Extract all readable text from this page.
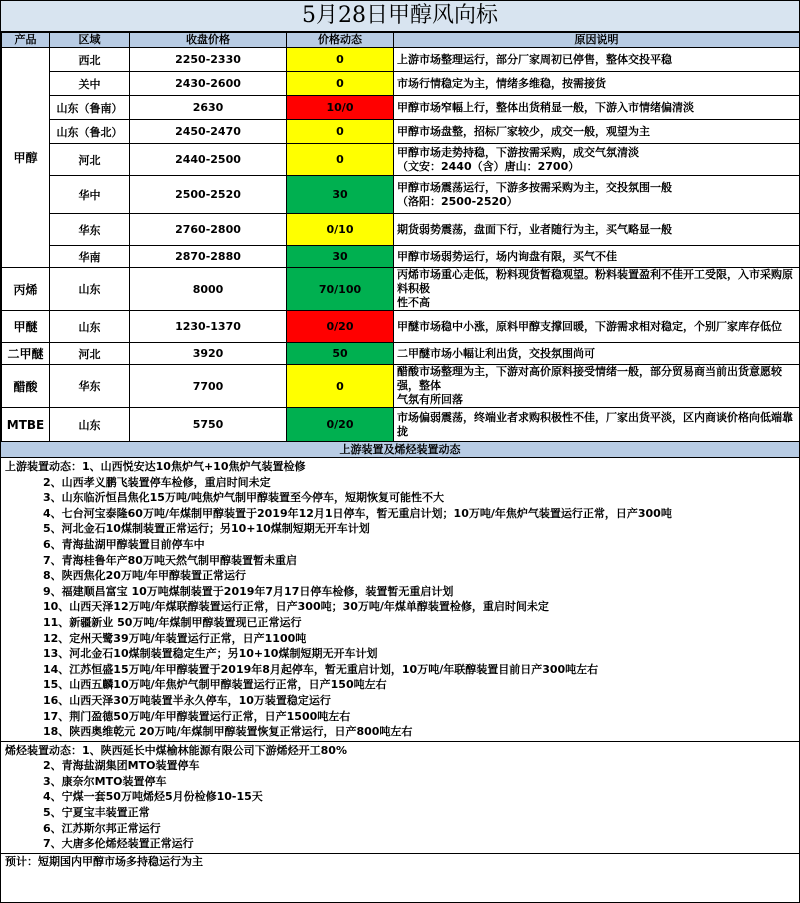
5月28日甲醇风向标
产品	区域	收盘价格	价格动态	原因说明
甲醇	西北	2250-2330	0	上游市场整理运行，部分厂家周初已停售，整体交投平稳

	关中	2430-2600	0	市场行情稳定为主，情绪多维稳，按需接货

	山东（鲁南）	2630	10/0	甲醇市场窄幅上行，整体出货稍显一般，下游入市情绪偏清淡

	山东（鲁北）	2450-2470	0	甲醇市场盘整，招标厂家较少，成交一般，观望为主

	河北	2440-2500	0	甲醇市场走势持稳，下游按需采购，成交气氛清淡
（文安：2440（含）唐山：2700）

	华中	2500-2520	30	甲醇市场震荡运行，下游多按需采购为主，交投氛围一般
（洛阳：2500-2520）

	华东	2760-2800	0/10	期货弱势震荡，盘面下行，业者随行为主，买气略显一般

	华南	2870-2880	30	甲醇市场弱势运行，场内询盘有限，买气不佳

丙烯	山东	8000	70/100	丙烯市场重心走低，粉料现货暂稳观望。粉料装置盈利不佳开工受限，入市采购原料积极
性不高

甲醚	山东	1230-1370	0/20	甲醚市场稳中小涨，原料甲醇支撑回暖，下游需求相对稳定，个别厂家库存低位

二甲醚	河北	3920	50	二甲醚市场小幅让利出货，交投氛围尚可

醋酸	华东	7700	0	醋酸市场整理为主，下游对高价原料接受情绪一般，部分贸易商当前出货意愿较强，整体
气氛有所回落

MTBE	山东	5750	0/20	市场偏弱震荡，终端业者求购积极性不佳，厂家出货平淡，区内商谈价格向低端靠拢
上游装置及烯烃装置动态
上游装置动态：1、山西悦安达10焦炉气+10焦炉气装置检修
2、山西孝义鹏飞装置停车检修，重启时间未定
3、山东临沂恒昌焦化15万吨/吨焦炉气制甲醇装置至今停车，短期恢复可能性不大
4、七台河宝泰隆60万吨/年煤制甲醇装置于2019年12月1日停车，暂无重启计划；10万吨/年焦炉气装置运行正常，日产300吨
5、河北金石10煤制装置正常运行；另10+10煤制短期无开车计划
6、青海盐湖甲醇装置目前停车中
7、青海桂鲁年产80万吨天然气制甲醇装置暂未重启
8、陕西焦化20万吨/年甲醇装置正常运行
9、福建顺昌富宝 10万吨煤制装置于2019年7月17日停车检修，装置暂无重启计划
10、山西天泽12万吨/年煤联醇装置运行正常，日产300吨；30万吨/年煤单醇装置检修，重启时间未定
11、新疆新业 50万吨/年煤制甲醇装置现已正常运行
12、定州天鹭39万吨/年装置运行正常，日产1100吨
13、河北金石10煤制装置稳定生产；另10+10煤制短期无开车计划
14、江苏恒盛15万吨/年甲醇装置于2019年8月起停车，暂无重启计划，10万吨/年联醇装置目前日产300吨左右
15、山西五麟10万吨/年焦炉气制甲醇装置运行正常，日产150吨左右
16、山西天泽30万吨装置半永久停车，10万装置稳定运行
17、荆门盈德50万吨/年甲醇装置运行正常，日产1500吨左右
18、陕西奥维乾元 20万吨/年煤制甲醇装置恢复正常运行，日产800吨左右
烯烃装置动态：1、陕西延长中煤榆林能源有限公司下游烯烃开工80%
2、青海盐湖集团MTO装置停车
3、康奈尔MTO装置停车
4、宁煤一套50万吨烯烃5月份检修10-15天
5、宁夏宝丰装置正常
6、江苏斯尔邦正常运行
7、大唐多伦烯烃装置正常运行
预计：短期国内甲醇市场多持稳运行为主
